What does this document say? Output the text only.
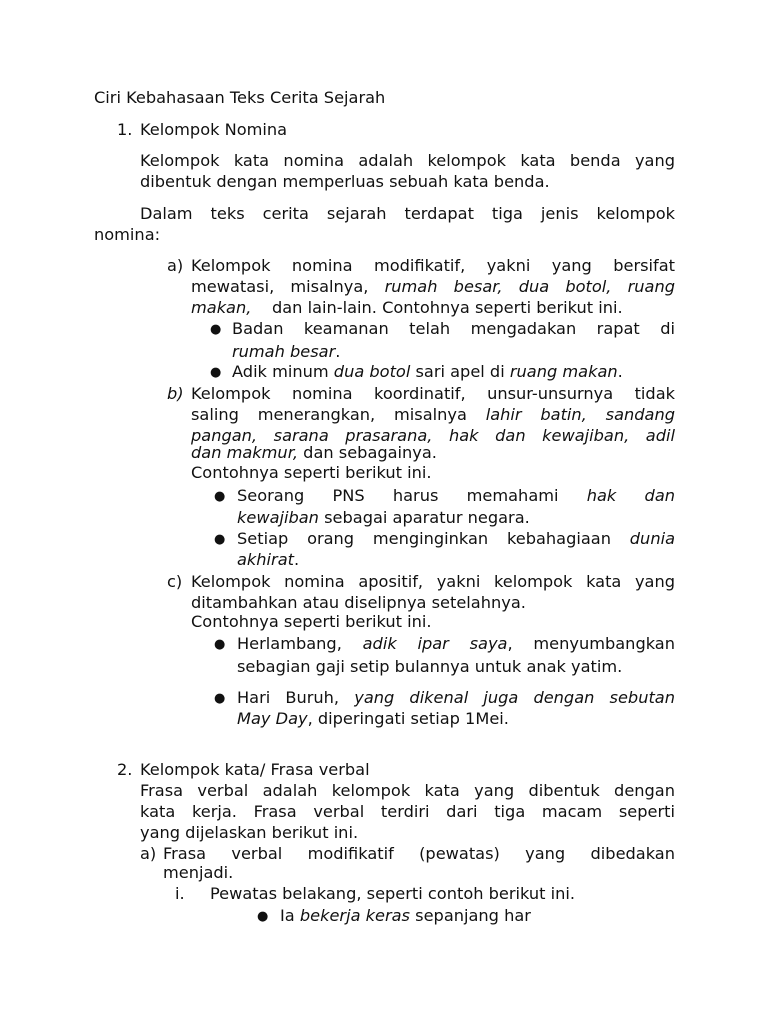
Ciri Kebahasaan Teks Cerita Sejarah
1. Kelompok Nomina
Kelompok kata nomina adalah kelompok kata benda yang
dibentuk dengan memperluas sebuah kata benda.
Dalam teks cerita sejarah terdapat tiga jenis kelompok
nomina:
a) Kelompok nomina modifikatif, yakni yang bersifat
mewatasi, misalnya, rumah besar, dua botol, ruang
makan, dan lain-lain. Contohnya seperti berikut ini.
● Badan keamanan telah mengadakan rapat di
rumah besar.
● Adik minum dua botol sari apel di ruang makan.
b) Kelompok nomina koordinatif, unsur-unsurnya tidak
saling menerangkan, misalnya lahir batin, sandang
pangan, sarana prasarana, hak dan kewajiban, adil
dan makmur, dan sebagainya.
Contohnya seperti berikut ini.
● Seorang PNS harus memahami hak dan
kewajiban sebagai aparatur negara.
● Setiap orang menginginkan kebahagiaan dunia
akhirat.
c) Kelompok nomina apositif, yakni kelompok kata yang
ditambahkan atau diselipnya setelahnya.
Contohnya seperti berikut ini.
● Herlambang, adik ipar saya, menyumbangkan
sebagian gaji setip bulannya untuk anak yatim.
● Hari Buruh, yang dikenal juga dengan sebutan
May Day, diperingati setiap 1Mei.
2. Kelompok kata/ Frasa verbal
Frasa verbal adalah kelompok kata yang dibentuk dengan
kata kerja. Frasa verbal terdiri dari tiga macam seperti
yang dijelaskan berikut ini.
a) Frasa verbal modifikatif (pewatas) yang dibedakan
menjadi.
i. Pewatas belakang, seperti contoh berikut ini.
● Ia bekerja keras sepanjang har
